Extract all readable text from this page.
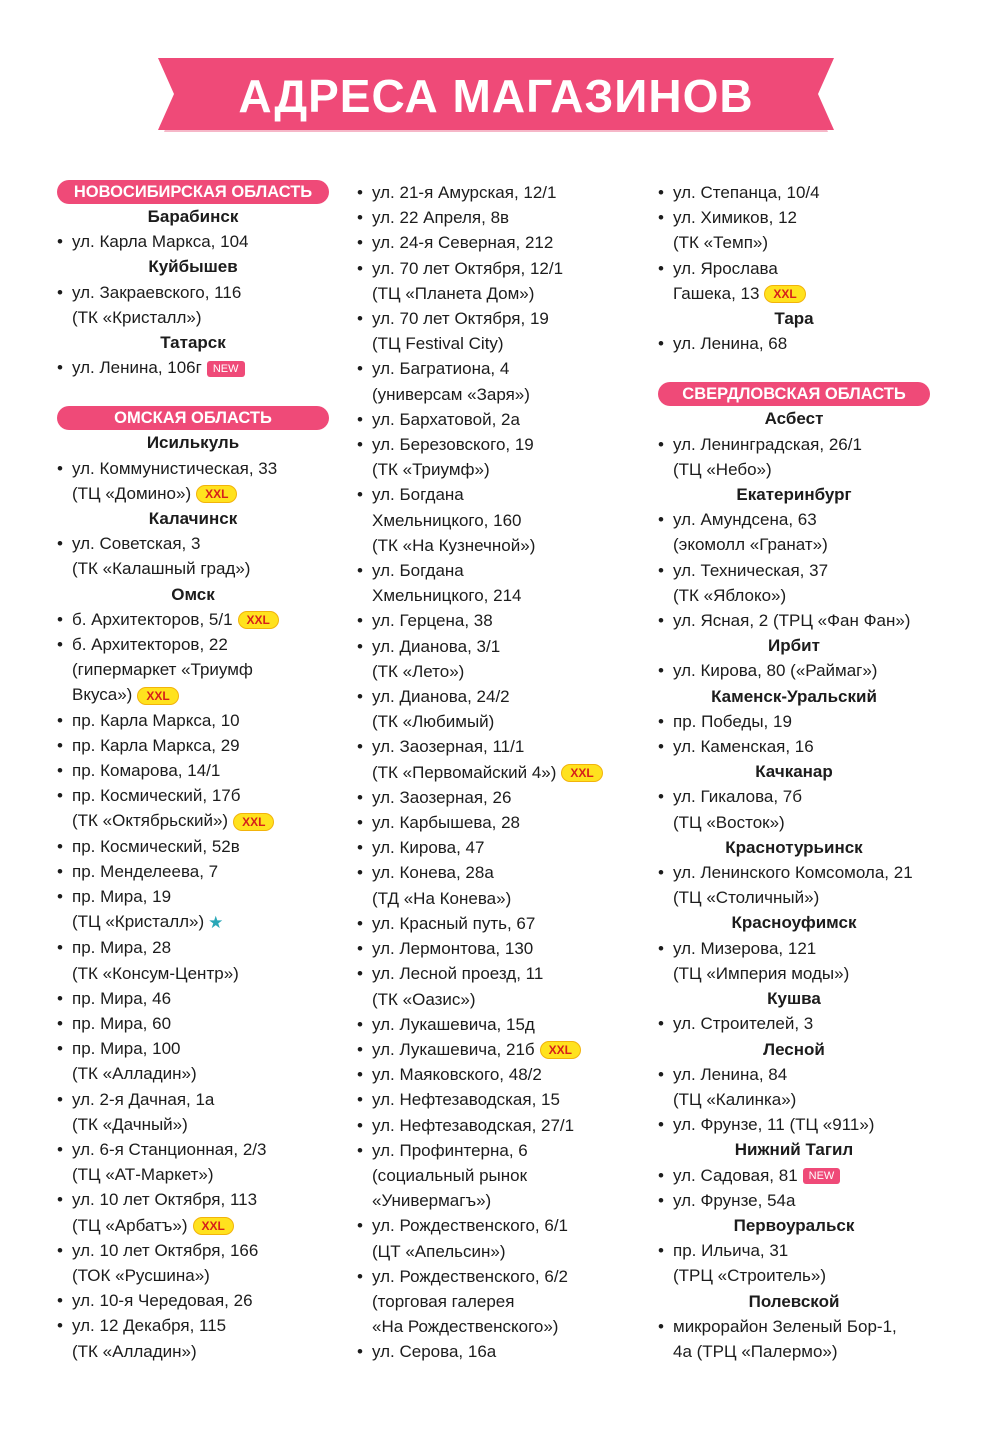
АДРЕСА МАГАЗИНОВ
НОВОСИБИРСКАЯ ОБЛАСТЬ
Барабинск
• ул. Карла Маркса, 104
Куйбышев
• ул. Закраевского, 116
(ТК «Кристалл»)
Татарск
• ул. Ленина, 106г NEW
ОМСКАЯ ОБЛАСТЬ
Исилькуль
• ул. Коммунистическая, 33
(ТЦ «Домино») XXL
Калачинск
• ул. Советская, 3
(ТК «Калашный град»)
Омск
• б. Архитекторов, 5/1 XXL
• б. Архитекторов, 22
(гипермаркет «Триумф
Вкуса») XXL
• пр. Карла Маркса, 10
• пр. Карла Маркса, 29
• пр. Комарова, 14/1
• пр. Космический, 17б
(ТК «Октябрьский») XXL
• пр. Космический, 52в
• пр. Менделеева, 7
• пр. Мира, 19
(ТЦ «Кристалл») ★
• пр. Мира, 28
(ТК «Консум-Центр»)
• пр. Мира, 46
• пр. Мира, 60
• пр. Мира, 100
(ТК «Алладин»)
• ул. 2-я Дачная, 1а
(ТК «Дачный»)
• ул. 6-я Станционная, 2/3
(ТЦ «АТ-Маркет»)
• ул. 10 лет Октября, 113
(ТЦ «Арбатъ») XXL
• ул. 10 лет Октября, 166
(ТОК «Русшина»)
• ул. 10-я Чередовая, 26
• ул. 12 Декабря, 115
(ТК «Алладин»)
• ул. 21-я Амурская, 12/1
• ул. 22 Апреля, 8в
• ул. 24-я Северная, 212
• ул. 70 лет Октября, 12/1
(ТЦ «Планета Дом»)
• ул. 70 лет Октября, 19
(ТЦ Festival City)
• ул. Багратиона, 4
(универсам «Заря»)
• ул. Бархатовой, 2а
• ул. Березовского, 19
(ТК «Триумф»)
• ул. Богдана
Хмельницкого, 160
(ТК «На Кузнечной»)
• ул. Богдана
Хмельницкого, 214
• ул. Герцена, 38
• ул. Дианова, 3/1
(ТК «Лето»)
• ул. Дианова, 24/2
(ТК «Любимый)
• ул. Заозерная, 11/1
(ТК «Первомайский 4») XXL
• ул. Заозерная, 26
• ул. Карбышева, 28
• ул. Кирова, 47
• ул. Конева, 28а
(ТД «На Конева»)
• ул. Красный путь, 67
• ул. Лермонтова, 130
• ул. Лесной проезд, 11
(ТК «Оазис»)
• ул. Лукашевича, 15д
• ул. Лукашевича, 21б XXL
• ул. Маяковского, 48/2
• ул. Нефтезаводская, 15
• ул. Нефтезаводская, 27/1
• ул. Профинтерна, 6
(социальный рынок
«Универмагъ»)
• ул. Рождественского, 6/1
(ЦТ «Апельсин»)
• ул. Рождественского, 6/2
(торговая галерея
«На Рождественского»)
• ул. Серова, 16а
• ул. Степанца, 10/4
• ул. Химиков, 12
(ТК «Темп»)
• ул. Ярослава
Гашека, 13 XXL
Тара
• ул. Ленина, 68
СВЕРДЛОВСКАЯ ОБЛАСТЬ
Асбест
• ул. Ленинградская, 26/1
(ТЦ «Небо»)
Екатеринбург
• ул. Амундсена, 63
(экомолл «Гранат»)
• ул. Техническая, 37
(ТК «Яблоко»)
• ул. Ясная, 2 (ТРЦ «Фан Фан»)
Ирбит
• ул. Кирова, 80 («Раймаг»)
Каменск-Уральский
• пр. Победы, 19
• ул. Каменская, 16
Качканар
• ул. Гикалова, 7б
(ТЦ «Восток»)
Краснотурьинск
• ул. Ленинского Комсомола, 21
(ТЦ «Столичный»)
Красноуфимск
• ул. Мизерова, 121
(ТЦ «Империя моды»)
Кушва
• ул. Строителей, 3
Лесной
• ул. Ленина, 84
(ТЦ «Калинка»)
• ул. Фрунзе, 11 (ТЦ «911»)
Нижний Тагил
• ул. Садовая, 81 NEW
• ул. Фрунзе, 54а
Первоуральск
• пр. Ильича, 31
(ТРЦ «Строитель»)
Полевской
• микрорайон Зеленый Бор-1,
4а (ТРЦ «Палермо»)
